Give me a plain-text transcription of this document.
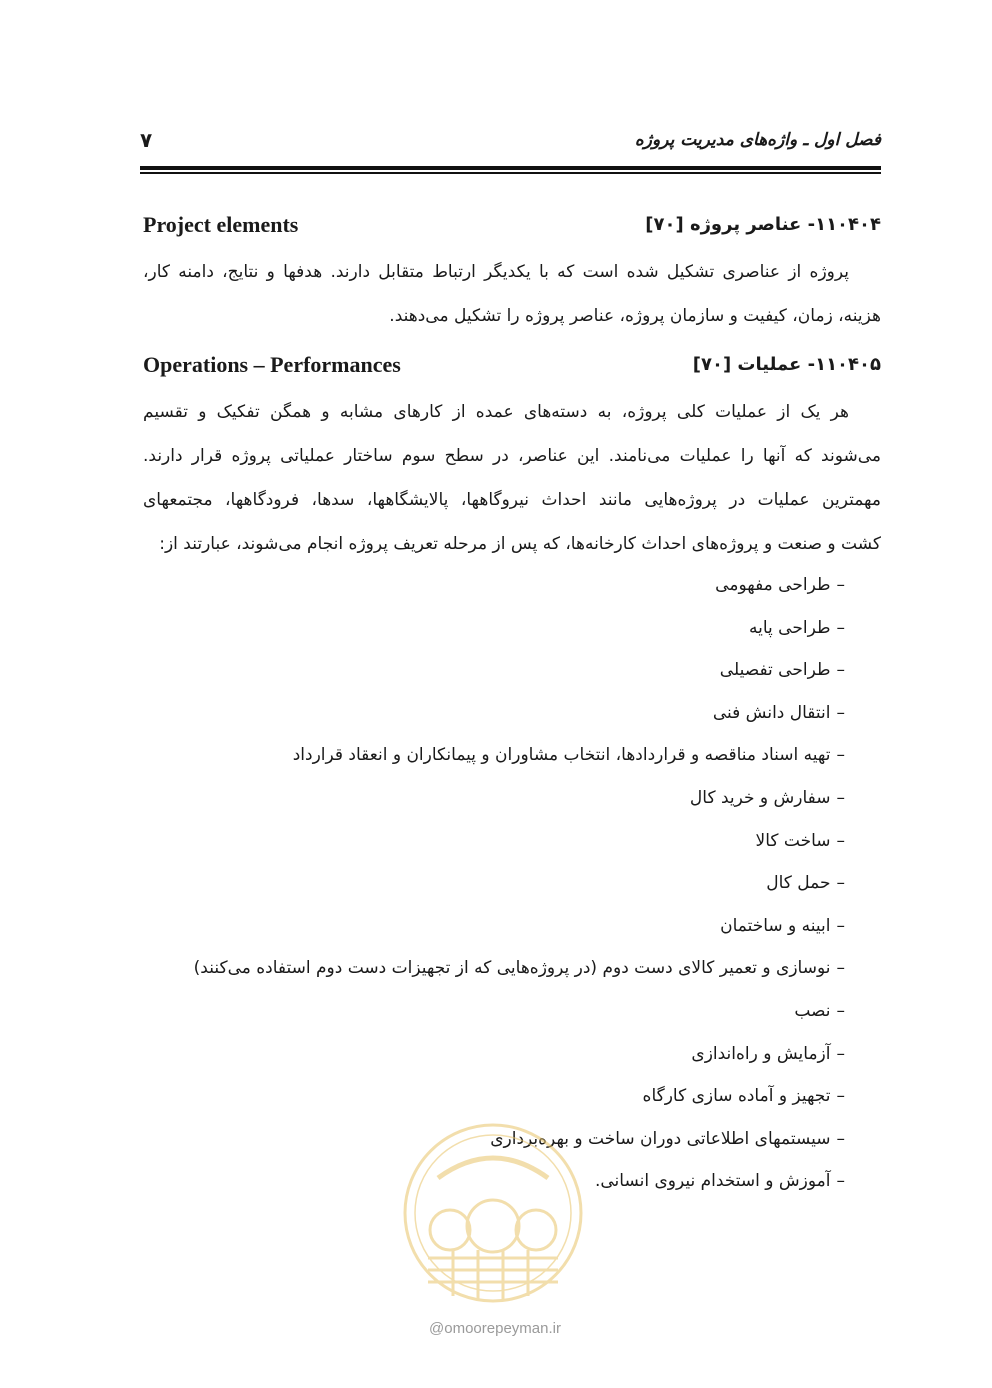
فصل اول ـ واژه‌های مدیریت پروژه
۷
۱۱۰۴۰۴- عناصر پروژه [۷۰]
Project elements
پروژه از عناصری تشکیل شده است که با یکدیگر ارتباط متقابل دارند. هدفها و نتایج، دامنه کار،
هزینه، زمان، کیفیت و سازمان پروژه، عناصر پروژه را تشکیل می‌دهند.
۱۱۰۴۰۵- عملیات [۷۰]
Operations – Performances
هر یک از عملیات کلی پروژه، به دسته‌های عمده از کارهای مشابه و همگن تفکیک و تقسیم
می‌شوند که آنها را عملیات می‌نامند. این عناصر، در سطح سوم ساختار عملیاتی پروژه قرار دارند.
مهمترین عملیات در پروژه‌هایی مانند احداث نیروگاهها، پالایشگاهها، سدها، فرودگاهها، مجتمعهای
کشت و صنعت و پروژه‌های احداث کارخانه‌ها، که پس از مرحله تعریف پروژه انجام می‌شوند، عبارتند از:
–طراحی مفهومی
–طراحی پایه
–طراحی تفصیلی
–انتقال دانش فنی
–تهیه اسناد مناقصه و قراردادها، انتخاب مشاوران و پیمانکاران و انعقاد قرارداد
–سفارش و خرید کال
–ساخت کالا
–حمل کال
–ابینه و ساختمان
–نوسازی و تعمیر کالای دست دوم (در پروژه‌هایی که از تجهیزات دست دوم استفاده می‌کنند)
–نصب
–آزمایش و راه‌اندازی
–تجهیز و آماده سازی کارگاه
–سیستمهای اطلاعاتی دوران ساخت و بهره‌برداری
–آموزش و استخدام نیروی انسانی.
@omoorepeyman.ir
